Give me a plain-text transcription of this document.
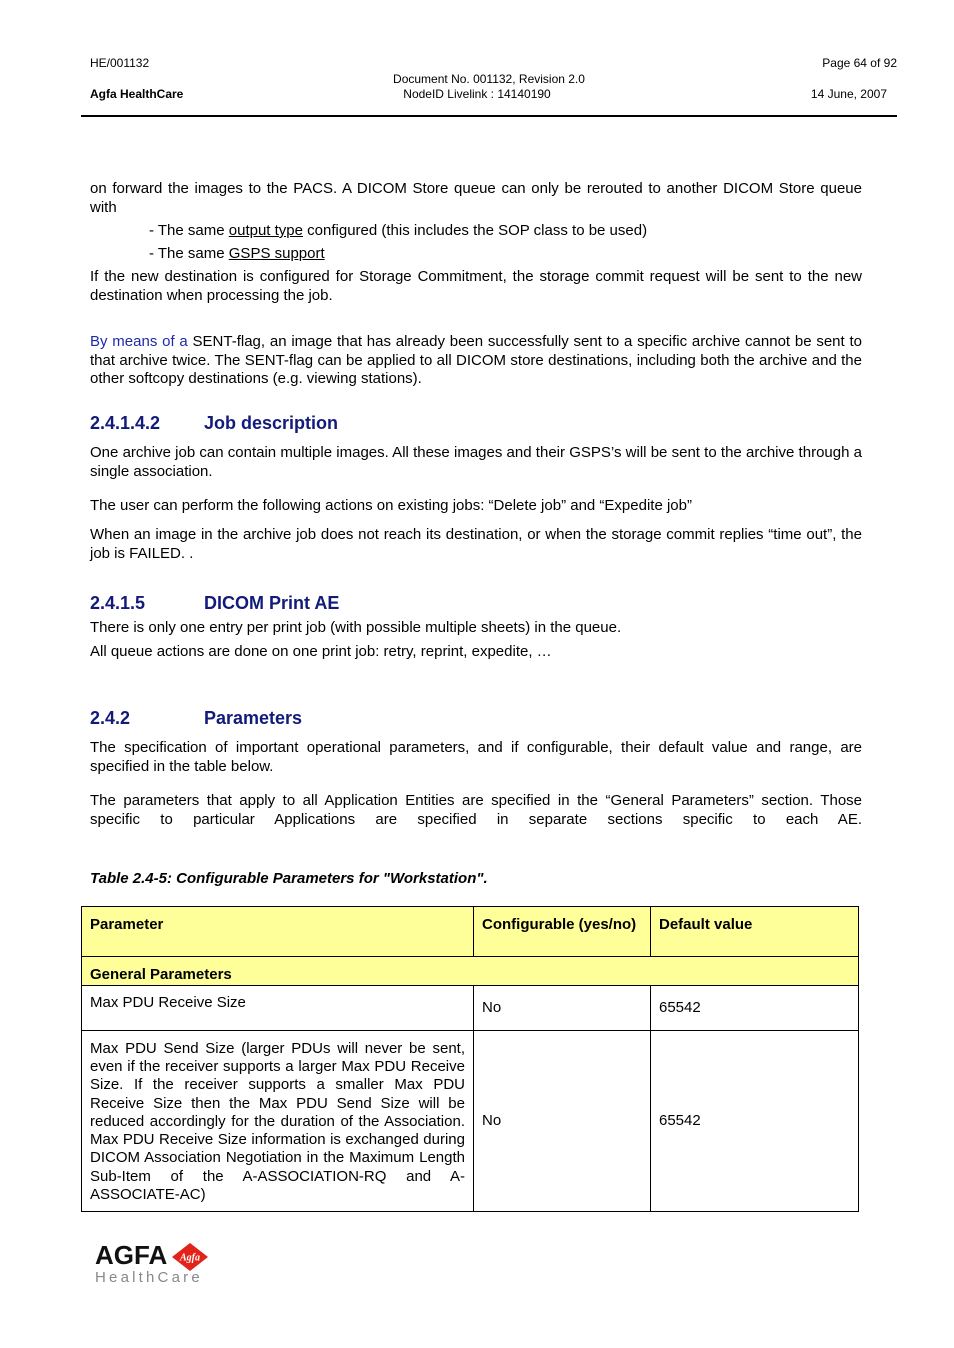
HE/001132
Agfa HealthCare
Document No. 001132, Revision 2.0
NodeID Livelink : 14140190
Page 64 of 92
14 June, 2007
on forward the images to the PACS. A DICOM Store queue can only be rerouted to another DICOM Store queue with
- The same output type configured (this includes the SOP class to be used)
- The same GSPS support
If the new destination is configured for Storage Commitment, the storage commit request will be sent to the new destination when processing the job.
By means of a SENT-flag, an image that has already been successfully sent to a specific archive cannot be sent to that archive twice. The SENT-flag can be applied to all DICOM store destinations, including both the archive and the other softcopy destinations (e.g. viewing stations).
2.4.1.4.2 Job description
One archive job can contain multiple images. All these images and their GSPS’s will be sent to the archive through a single association.
The user can perform the following actions on existing jobs: “Delete job” and “Expedite job”
When an image in the archive job does not reach its destination, or when the storage commit replies “time out”, the job is FAILED. .
2.4.1.5	DICOM Print AE
There is only one entry per print job (with possible multiple sheets) in the queue.
All queue actions are done on one print job: retry, reprint, expedite, …
2.4.2	Parameters
The specification of important operational parameters, and if configurable, their default value and range, are specified in the table below.
The parameters that apply to all Application Entities are specified in the “General Parameters” section. Those
specific to particular Applications are specified in separate sections specific to each AE.
Table 2.4-5: Configurable Parameters for "Workstation".
Parameter	Configurable (yes/no)	Default value
General Parameters		
Max PDU Receive Size	No	65542
Max PDU Send Size (larger PDUs will never be sent, even if the receiver supports a larger Max PDU Receive Size. If the receiver supports a smaller Max PDU Receive Size then the Max PDU Send Size will be reduced accordingly for the duration of the Association. Max PDU Receive Size information is exchanged during DICOM Association Negotiation in the Maximum Length Sub-Item of the A-ASSOCIATION-RQ and A-ASSOCIATE-AC)	No	65542
AGFA Agfa
HealthCare
